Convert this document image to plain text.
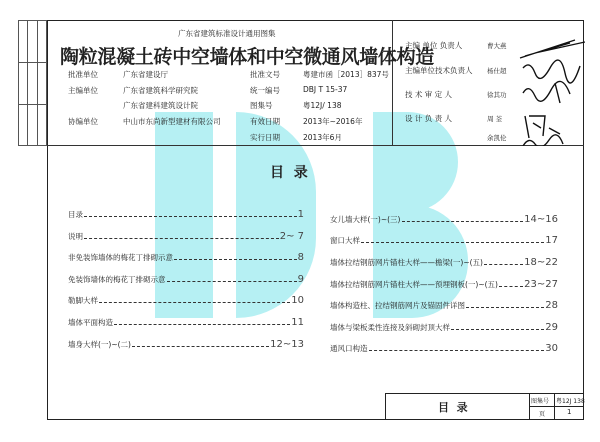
广东省建筑标准设计通用图集
陶粒混凝土砖中空墙体和中空微通风墙体构造
批准单位	广东省建设厅	批准文号	粤建市函［2013］837号
主编单位	广东省建筑科学研究院	统一编号	DBJ T 15-37
广东省建科建筑设计院	图集号	粤12J/ 138
协编单位	中山市东尚新型建材有限公司	有效日期	2013年~2016年
实行日期	2013年6月
主编 单位 负责人	曹大燕
主编单位技术负责人 杨仕超
技 术 审 定 人	徐其功
设 计 负 责 人	周 荃
余凯伦
目  录
目录	1
说明	2~ 7
非免装饰墙体的梅花丁排砌示意	8
免装饰墙体的梅花丁排砌示意	9
勒脚大样	10
墙体平面构造	11
墙身大样(一)~(二)	12~13
女儿墙大样(一)~(三)	14~16
窗口大样	17
墙体拉结钢筋网片锚柱大样——檐梁(一)~(五)	18~22
墙体拉结钢筋网片锚柱大样——预埋钢板(一)~(五)	23~27
墙体构造柱、拉结钢筋网片及锚固件详图	28
墙体与梁板柔性连接及斜砌封顶大样	29
通风口构造	30
目  录	图集号 粤12J 138
页	1
